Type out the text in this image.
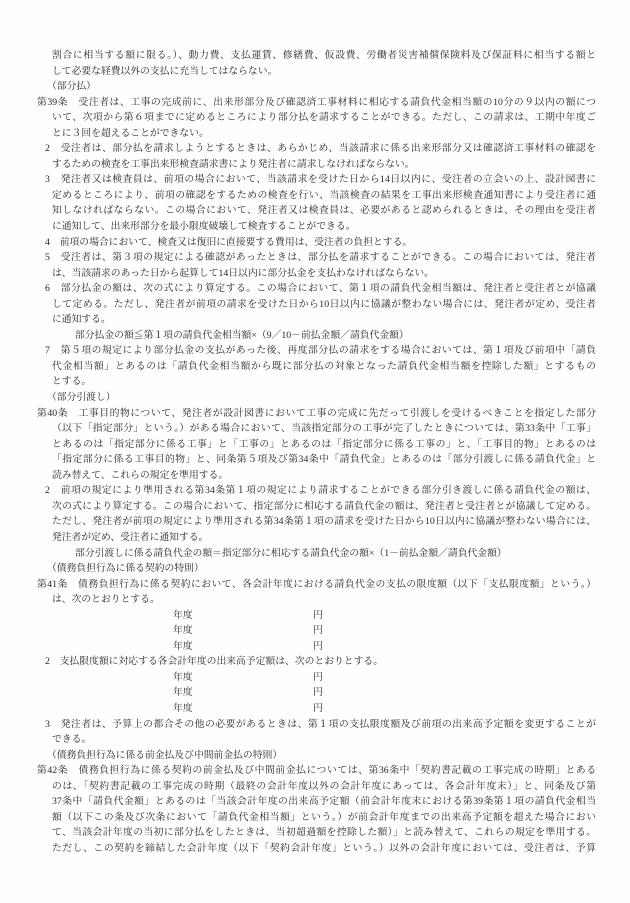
割合に相当する額に限る。）、動力費、支払運賃、修繕費、仮設費、労働者災害補償保険料及び保証料に相当する額と
して必要な経費以外の支払に充当してはならない。
（部分払）
第39条　受注者は、工事の完成前に、出来形部分及び確認済工事材料に相応する請負代金相当額の10分の９以内の額につ
いて、次項から第６項までに定めるところにより部分払を請求することができる。ただし、この請求は、工期中年度ご
とに３回を超えることができない。
2　受注者は、部分払を請求しようとするときは、あらかじめ、当該請求に係る出来形部分又は確認済工事材料の確認を
するための検査を工事出来形検査請求書により発注者に請求しなければならない。
3　発注者又は検査員は、前項の場合において、当該請求を受けた日から14日以内に、受注者の立会いの上、設計図書に
定めるところにより、前項の確認をするための検査を行い、当該検査の結果を工事出来形検査通知書により受注者に通
知しなければならない。この場合において、発注者又は検査員は、必要があると認められるときは、その理由を受注者
に通知して、出来形部分を最小限度破壊して検査することができる。
4　前項の場合において、検査又は復旧に直接要する費用は、受注者の負担とする。
5　受注者は、第３項の規定による確認があったときは、部分払を請求することができる。この場合においては、発注者
は、当該請求のあった日から起算して14日以内に部分払金を支払わなければならない。
6　部分払金の額は、次の式により算定する。この場合において、第１項の請負代金相当額は、発注者と受注者とが協議
して定める。ただし、発注者が前項の請求を受けた日から10日以内に協議が整わない場合には、発注者が定め、受注者
に通知する。
部分払金の額≦第１項の請負代金相当額×（9／10－前払金額／請負代金額）
7　第５項の規定により部分払金の支払があった後、再度部分払の請求をする場合においては、第１項及び前項中「請負
代金相当額」とあるのは「請負代金相当額から既に部分払の対象となった請負代金相当額を控除した額」とするもの
とする。
（部分引渡し）
第40条　工事目的物について、発注者が設計図書において工事の完成に先だって引渡しを受けるべきことを指定した部分
（以下「指定部分」という。）がある場合において、当該指定部分の工事が完了したときについては、第33条中「工事」
とあるのは「指定部分に係る工事」と「工事の」とあるのは「指定部分に係る工事の」と、「工事目的物」とあるのは
「指定部分に係る工事目的物」と、同条第５項及び第34条中「請負代金」とあるのは「部分引渡しに係る請負代金」と
読み替えて、これらの規定を準用する。
2　前項の規定により準用される第34条第１項の規定により請求することができる部分引き渡しに係る請負代金の額は、
次の式により算定する。この場合において、指定部分に相応する請負代金の額は、発注者と受注者とが協議して定める。
ただし、発注者が前項の規定により準用される第34条第１項の請求を受けた日から10日以内に協議が整わない場合には、
発注者が定め、受注者に通知する。
部分引渡しに係る請負代金の額＝指定部分に相応する請負代金の額×（1－前払金額／請負代金額）
（債務負担行為に係る契約の特則）
第41条　債務負担行為に係る契約において、各会計年度における請負代金の支払の限度額（以下「支払限度額」という。）
は、次のとおりとする。
年度	円
年度	円
年度	円
2　支払限度額に対応する各会計年度の出来高予定額は、次のとおりとする。
年度	円
年度	円
年度	円
3　発注者は、予算上の都合その他の必要があるときは、第１項の支払限度額及び前項の出来高予定額を変更することが
できる。
（債務負担行為に係る前金払及び中間前金払の特則）
第42条　債務負担行為に係る契約の前金払及び中間前金払については、第36条中「契約書記載の工事完成の時期」とある
のは、「契約書記載の工事完成の時期（最終の会計年度以外の会計年度にあっては、各会計年度末）」と、同条及び第
37条中「請負代金額」とあるのは「当該会計年度の出来高予定額（前会計年度末における第39条第１項の請負代金相当
額（以下この条及び次条において「請負代金相当額」という。）が前会計年度までの出来高予定額を超えた場合におい
て、当該会計年度の当初に部分払をしたときは、当初超過額を控除した額）」と読み替えて、これらの規定を準用する。
ただし、この契約を締結した会計年度（以下「契約会計年度」という。）以外の会計年度においては、受注者は、予算
